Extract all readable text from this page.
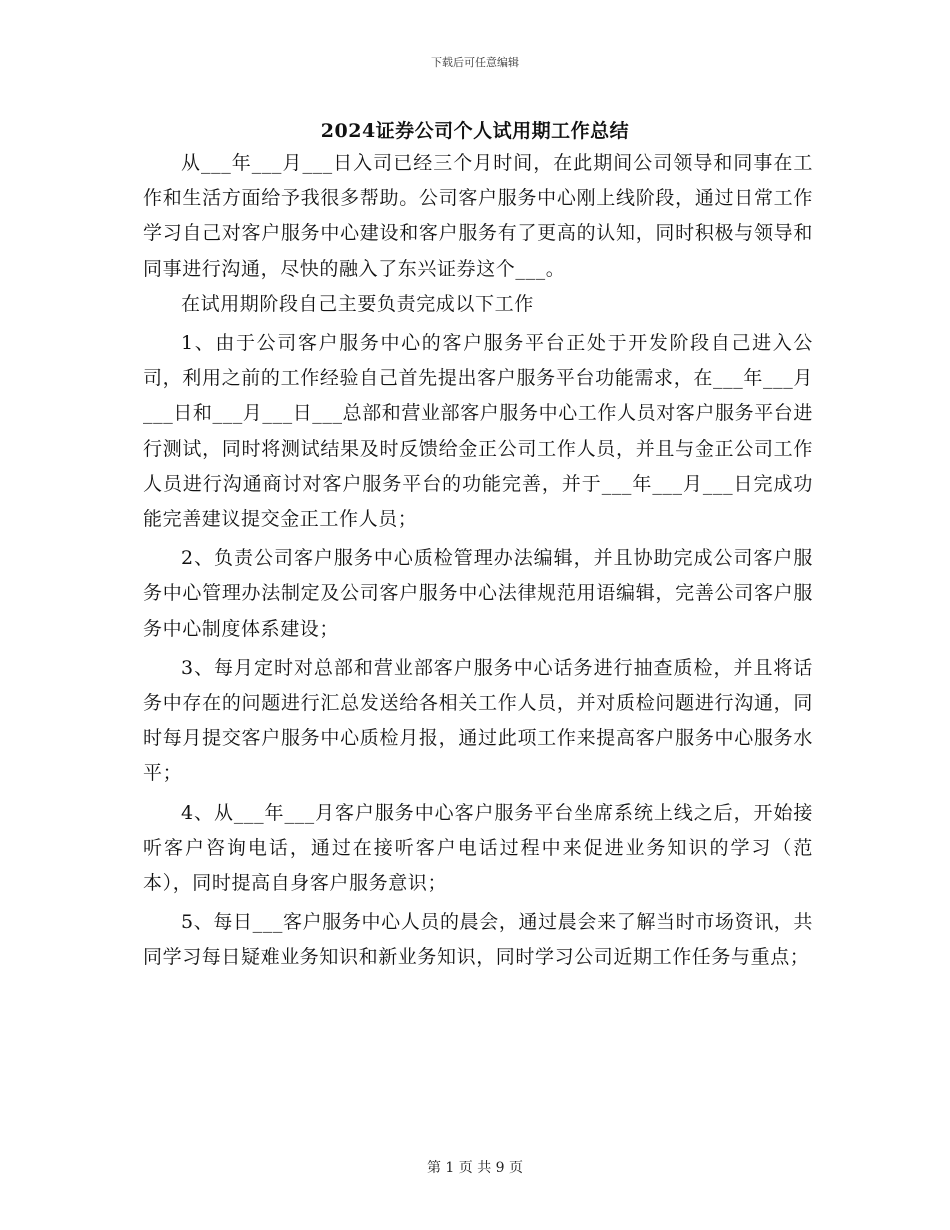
下载后可任意编辑
2024证券公司个人试用期工作总结

从___年___月___日入司已经三个月时间，在此期间公司领导和同事在工作和生活方面给予我很多帮助。公司客户服务中心刚上线阶段，通过日常工作学习自己对客户服务中心建设和客户服务有了更高的认知，同时积极与领导和同事进行沟通，尽快的融入了东兴证券这个___。

在试用期阶段自己主要负责完成以下工作

1、由于公司客户服务中心的客户服务平台正处于开发阶段自己进入公司，利用之前的工作经验自己首先提出客户服务平台功能需求，在___年___月___日和___月___日___总部和营业部客户服务中心工作人员对客户服务平台进行测试，同时将测试结果及时反馈给金正公司工作人员，并且与金正公司工作人员进行沟通商讨对客户服务平台的功能完善，并于___年___月___日完成功能完善建议提交金正工作人员；

2、负责公司客户服务中心质检管理办法编辑，并且协助完成公司客户服务中心管理办法制定及公司客户服务中心法律规范用语编辑，完善公司客户服务中心制度体系建设；

3、每月定时对总部和营业部客户服务中心话务进行抽查质检，并且将话务中存在的问题进行汇总发送给各相关工作人员，并对质检问题进行沟通，同时每月提交客户服务中心质检月报，通过此项工作来提高客户服务中心服务水平；

4、从___年___月客户服务中心客户服务平台坐席系统上线之后，开始接听客户咨询电话，通过在接听客户电话过程中来促进业务知识的学习（范本），同时提高自身客户服务意识；

5、每日___客户服务中心人员的晨会，通过晨会来了解当时市场资讯，共同学习每日疑难业务知识和新业务知识，同时学习公司近期工作任务与重点；

第 1 页 共 9 页
